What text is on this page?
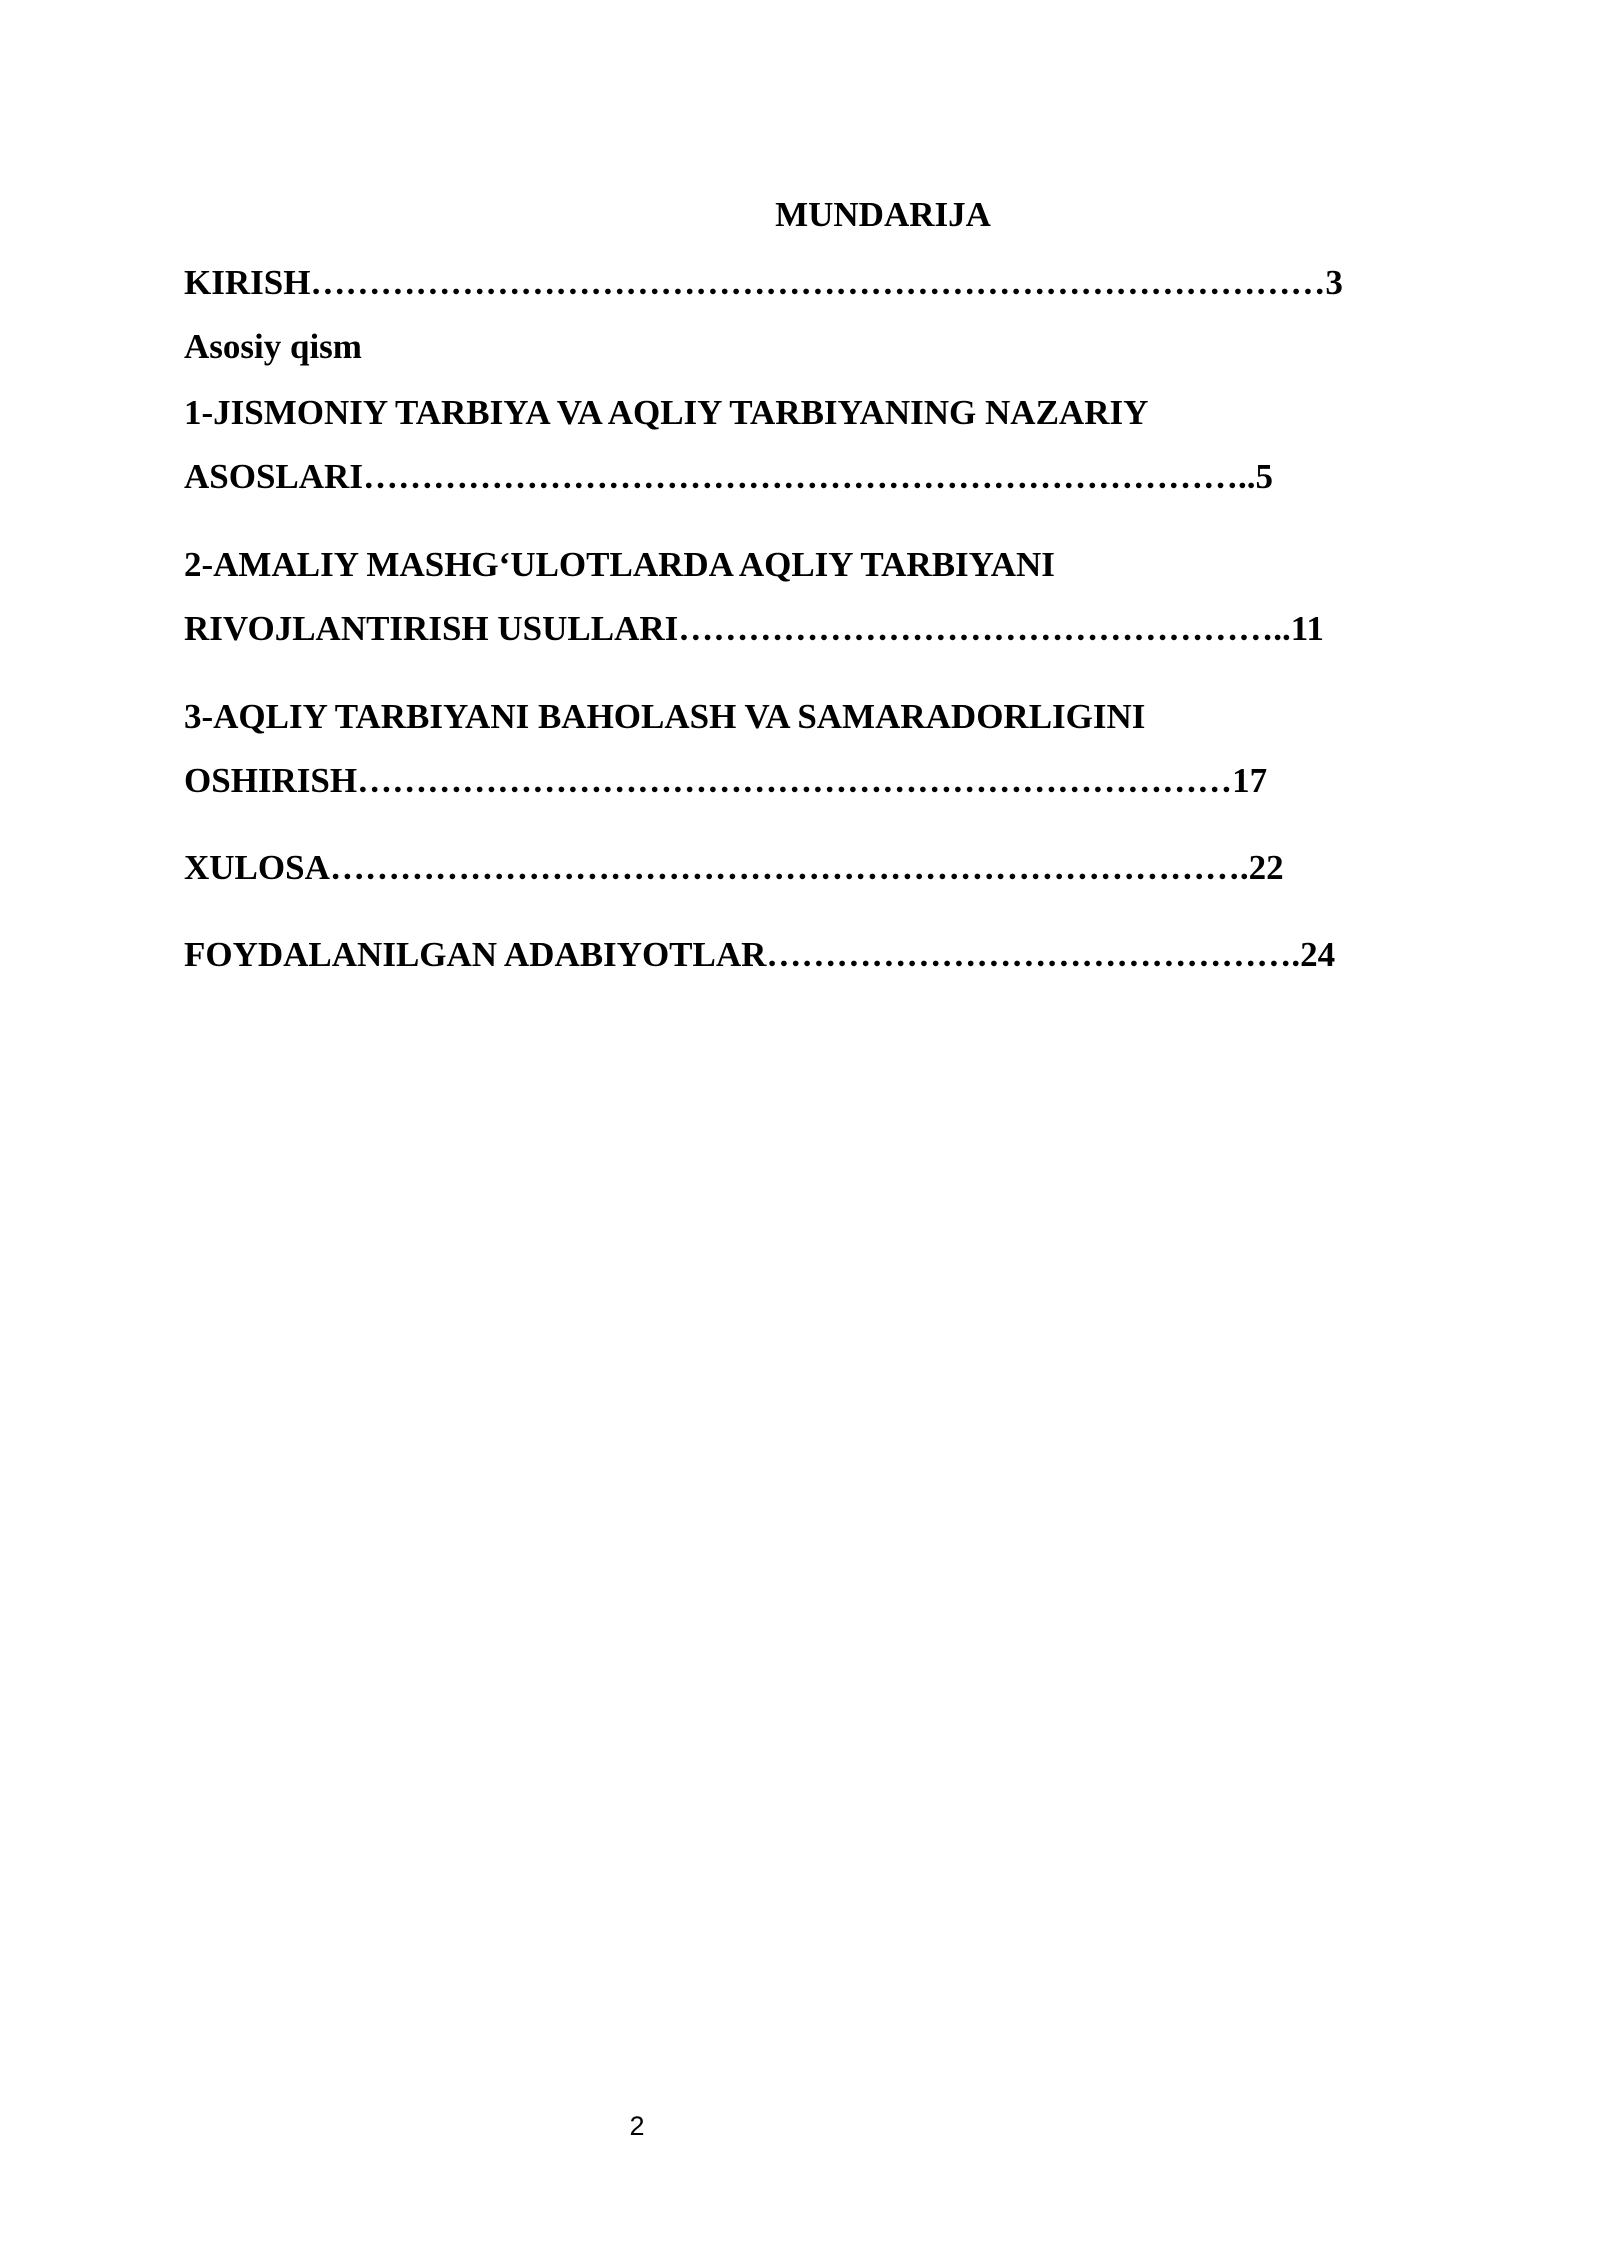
MUNDARIJA
KIRISH……………………………………………………………………………3
Asosiy qism
1-JISMONIY TARBIYA VA AQLIY TARBIYANING NAZARIY
ASOSLARI…………………………………………………………………..5
2-AMALIY MASHG‘ULOTLARDA AQLIY TARBIYANI
RIVOJLANTIRISH USULLARI……………………………………………..11
3-AQLIY TARBIYANI BAHOLASH VA SAMARADORLIGINI
OSHIRISH…………………………………………………………………17
XULOSA…………………………………………………………………….22
FOYDALANILGAN ADABIYOTLAR……………………………………….24
2
